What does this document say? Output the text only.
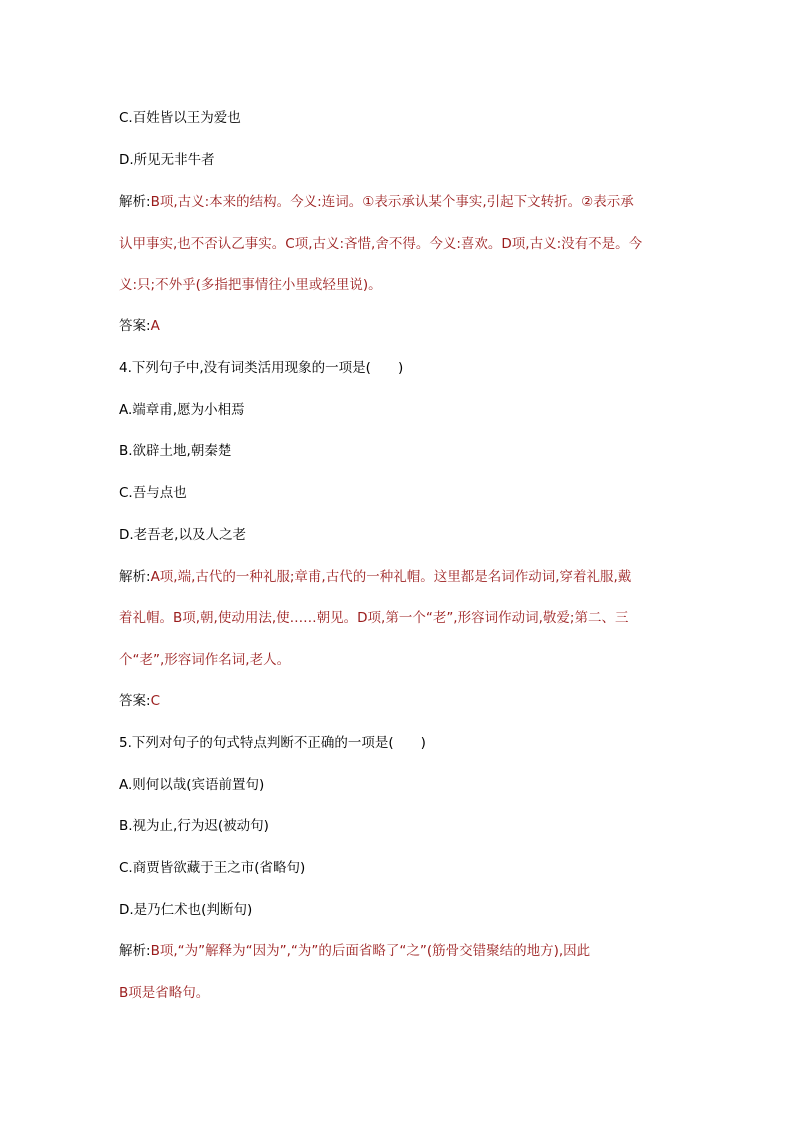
C.百姓皆以王为爱也
D.所见无非牛者
解析:B项,古义:本来的结构。今义:连词。①表示承认某个事实,引起下文转折。②表示承
认甲事实,也不否认乙事实。C项,古义:吝惜,舍不得。今义:喜欢。D项,古义:没有不是。今
义:只;不外乎(多指把事情往小里或轻里说)。
答案:A
4.下列句子中,没有词类活用现象的一项是(　　)
A.端章甫,愿为小相焉
B.欲辟土地,朝秦楚
C.吾与点也
D.老吾老,以及人之老
解析:A项,端,古代的一种礼服;章甫,古代的一种礼帽。这里都是名词作动词,穿着礼服,戴
着礼帽。B项,朝,使动用法,使……朝见。D项,第一个“老”,形容词作动词,敬爱;第二、三
个“老”,形容词作名词,老人。
答案:C
5.下列对句子的句式特点判断不正确的一项是(　　)
A.则何以哉(宾语前置句)
B.视为止,行为迟(被动句)
C.商贾皆欲藏于王之市(省略句)
D.是乃仁术也(判断句)
解析:B项,“为”解释为“因为”,“为”的后面省略了“之”(筋骨交错聚结的地方),因此
B项是省略句。
